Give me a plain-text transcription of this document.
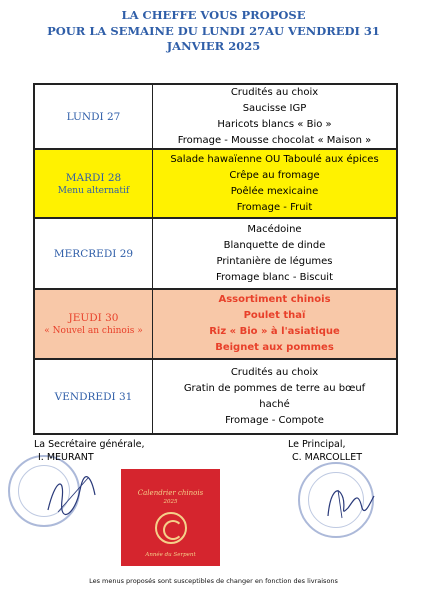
LA CHEFFE VOUS PROPOSE
POUR LA SEMAINE DU LUNDI 27AU VENDREDI 31
JANVIER 2025
LUNDI 27
Crudités au choix
Saucisse IGP
Haricots blancs « Bio »
Fromage - Mousse chocolat « Maison »
MARDI 28
Menu alternatif
Salade hawaïenne OU Taboulé aux épices
Crêpe au fromage
Poêlée mexicaine
Fromage - Fruit
MERCREDI 29
Macédoine
Blanquette de dinde
Printanière de légumes
Fromage blanc - Biscuit
JEUDI 30
« Nouvel an chinois »
Assortiment chinois
Poulet thaï
Riz « Bio » à l'asiatique
Beignet aux pommes
VENDREDI 31
Crudités au choix
Gratin de pommes de terre au bœuf
haché
Fromage - Compote
La Secrétaire générale,
I. MEURANT
Le Principal,
C. MARCOLLET
Calendrier chinois
2025
Année du Serpent
Les menus proposés sont susceptibles de changer en fonction des livraisons
